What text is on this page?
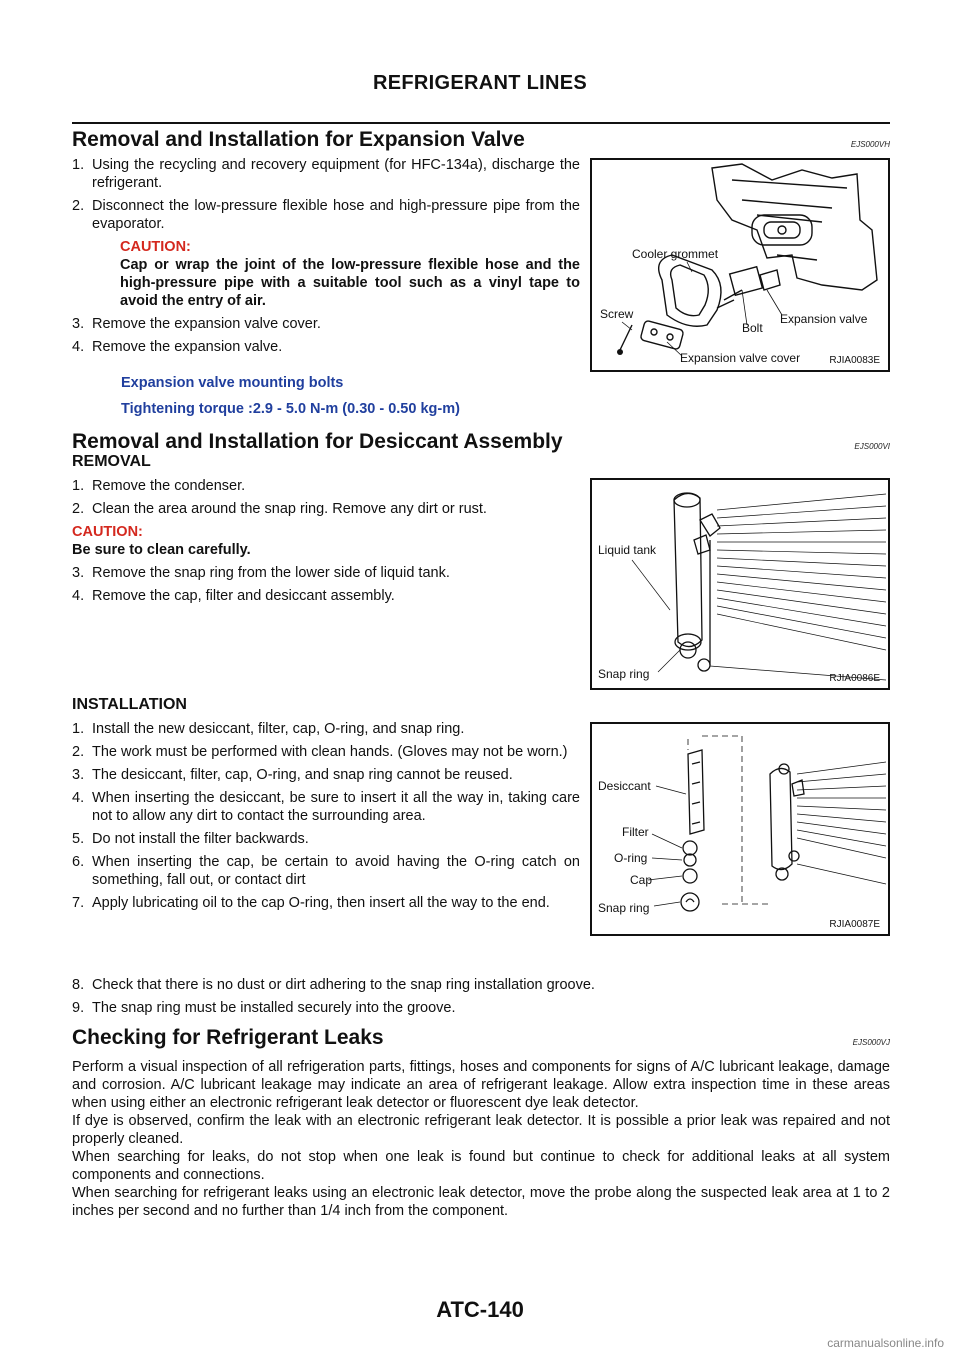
REFRIGERANT LINES
Removal and Installation for Expansion Valve	EJS000VH
1. Using the recycling and recovery equipment (for HFC-134a), discharge the refrigerant.
2. Disconnect the low-pressure flexible hose and high-pressure pipe from the evaporator.
CAUTION:
Cap or wrap the joint of the low-pressure flexible hose and the high-pressure pipe with a suitable tool such as a vinyl tape to avoid the entry of air.
3. Remove the expansion valve cover.
4. Remove the expansion valve.
Expansion valve mounting bolts
Tightening torque :2.9 - 5.0 N-m (0.30 - 0.50 kg-m)
Cooler grommet
Screw
Bolt
Expansion valve
Expansion valve cover	RJIA0083E
Removal and Installation for Desiccant Assembly	EJS000VI
REMOVAL
1. Remove the condenser.
2. Clean the area around the snap ring. Remove any dirt or rust.
CAUTION:
Be sure to clean carefully.
3. Remove the snap ring from the lower side of liquid tank.
4. Remove the cap, filter and desiccant assembly.
Liquid tank
Snap ring	RJIA0086E
INSTALLATION
1. Install the new desiccant, filter, cap, O-ring, and snap ring.
2. The work must be performed with clean hands. (Gloves may not be worn.)
3. The desiccant, filter, cap, O-ring, and snap ring cannot be reused.
4. When inserting the desiccant, be sure to insert it all the way in, taking care not to allow any dirt to contact the surrounding area.
5. Do not install the filter backwards.
6. When inserting the cap, be certain to avoid having the O-ring catch on something, fall out, or contact dirt
7. Apply lubricating oil to the cap O-ring, then insert all the way to the end.
8. Check that there is no dust or dirt adhering to the snap ring installation groove.
9. The snap ring must be installed securely into the groove.
Desiccant
Filter
O-ring
Cap
Snap ring
RJIA0087E
Checking for Refrigerant Leaks	EJS000VJ

Perform a visual inspection of all refrigeration parts, fittings, hoses and components for signs of A/C lubricant leakage, damage and corrosion. A/C lubricant leakage may indicate an area of refrigerant leakage. Allow extra inspection time in these areas when using either an electronic refrigerant leak detector or fluorescent dye leak detector.

If dye is observed, confirm the leak with an electronic refrigerant leak detector. It is possible a prior leak was repaired and not properly cleaned.

When searching for leaks, do not stop when one leak is found but continue to check for additional leaks at all system components and connections.

When searching for refrigerant leaks using an electronic leak detector, move the probe along the suspected leak area at 1 to 2 inches per second and no further than 1/4 inch from the component.

ATC-140
carmanualsonline.info
